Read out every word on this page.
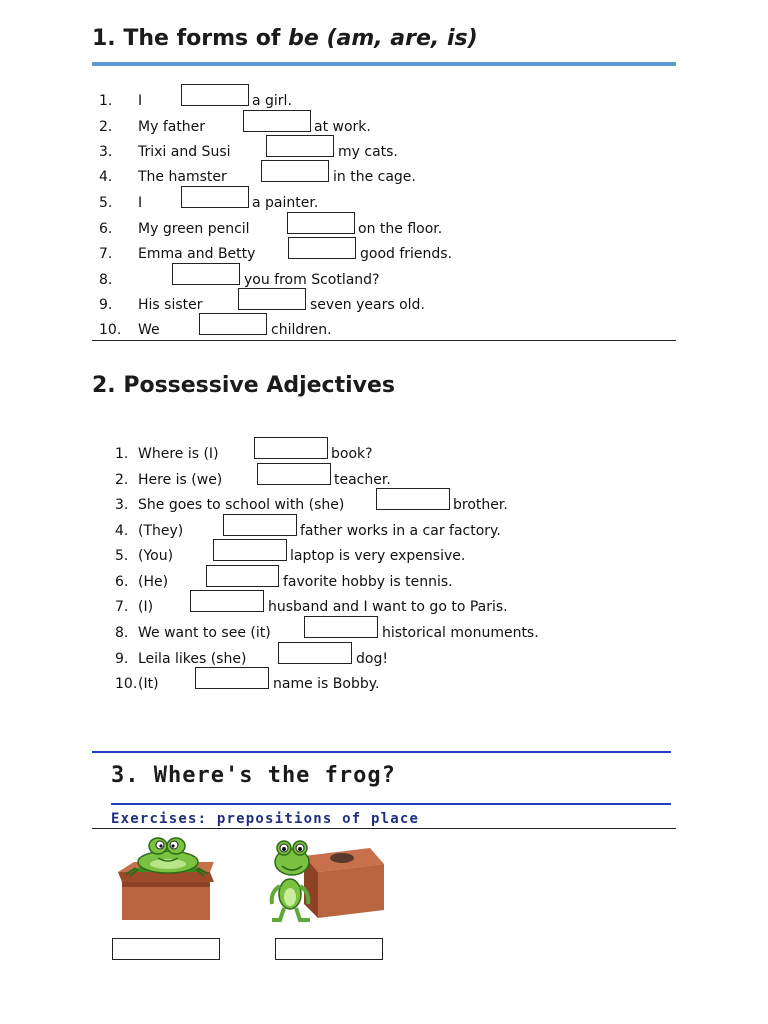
1. The forms of be (am, are, is)
1. I	a girl.
2. My father	at work.
3. Trixi and Susi	my cats.
4. The hamster	in the cage.
5. I	a painter.
6. My green pencil	on the floor.
7. Emma and Betty	good friends.
8.	you from Scotland?
9. His sister	seven years old.
10. We	children.
2. Possessive Adjectives
1. Where is (I)	book?
2. Here is (we)	teacher.
3. She goes to school with (she)	brother.
4. (They)	father works in a car factory.
5. (You)	laptop is very expensive.
6. (He)	favorite hobby is tennis.
7. (I)	husband and I want to go to Paris.
8. We want to see (it)	historical monuments.
9. Leila likes (she)	dog!
10. (It)	name is Bobby.
3. Where's the frog?
Exercises: prepositions of place
